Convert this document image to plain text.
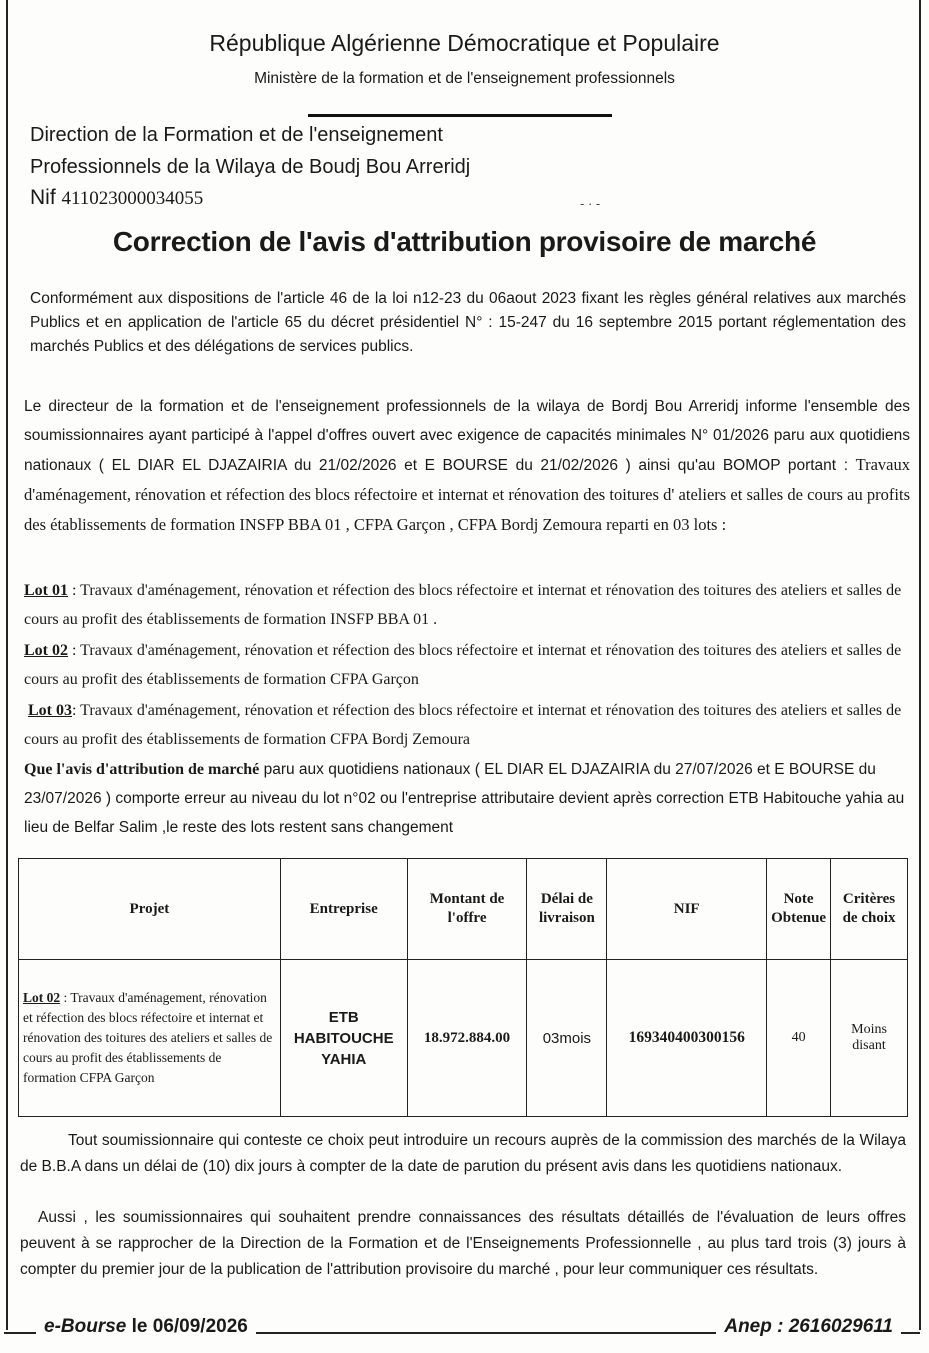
République Algérienne Démocratique et Populaire
Ministère de la formation et de l'enseignement professionnels
Direction de la Formation et de l'enseignement
Professionnels de la Wilaya de Boudj Bou Arreridj
Nif 411023000034055	- · -
Correction de l'avis d'attribution provisoire de marché
Conformément aux dispositions de l'article 46 de la loi n12-23 du 06aout 2023 fixant les règles général relatives aux marchés Publics et en application de l'article 65 du décret présidentiel N° : 15-247 du 16 septembre 2015 portant réglementation des marchés Publics et des délégations de services publics.
Le directeur de la formation et de l'enseignement professionnels de la wilaya de Bordj Bou Arreridj informe l'ensemble des soumissionnaires ayant participé à l'appel d'offres ouvert avec exigence de capacités minimales N° 01/2026 paru aux quotidiens nationaux ( EL DIAR EL DJAZAIRIA du 21/02/2026 et E BOURSE du 21/02/2026 ) ainsi qu'au BOMOP portant : Travaux d'aménagement, rénovation et réfection des blocs réfectoire et internat et rénovation des toitures d' ateliers et salles de cours au profits des établissements de formation INSFP BBA 01 , CFPA Garçon , CFPA Bordj Zemoura reparti en 03 lots :
Lot 01 : Travaux d'aménagement, rénovation et réfection des blocs réfectoire et internat et rénovation des toitures des ateliers et salles de cours au profit des établissements de formation INSFP BBA 01 .
Lot 02 : Travaux d'aménagement, rénovation et réfection des blocs réfectoire et internat et rénovation des toitures des ateliers et salles de cours au profit des établissements de formation CFPA Garçon
Lot 03: Travaux d'aménagement, rénovation et réfection des blocs réfectoire et internat et rénovation des toitures des ateliers et salles de cours au profit des établissements de formation CFPA Bordj Zemoura
Que l'avis d'attribution de marché paru aux quotidiens nationaux ( EL DIAR EL DJAZAIRIA du 27/07/2026 et E BOURSE du 23/07/2026 ) comporte erreur au niveau du lot n°02 ou l'entreprise attributaire devient après correction ETB Habitouche yahia au lieu de Belfar Salim ,le reste des lots restent sans changement
Projet	Entreprise	Montant de l'offre	Délai de livraison	NIF	Note Obtenue	Critères de choix
Lot 02 : Travaux d'aménagement, rénovation et réfection des blocs réfectoire et internat et rénovation des toitures des ateliers et salles de cours au profit des établissements de formation CFPA Garçon	ETB HABITOUCHE YAHIA	18.972.884.00	03mois	169340400300156	40	Moins disant
Tout soumissionnaire qui conteste ce choix peut introduire un recours auprès de la commission des marchés de la Wilaya de B.B.A dans un délai de (10) dix jours à compter de la date de parution du présent avis dans les quotidiens nationaux.
Aussi , les soumissionnaires qui souhaitent prendre connaissances des résultats détaillés de l'évaluation de leurs offres peuvent à se rapprocher de la Direction de la Formation et de l'Enseignements Professionnelle , au plus tard trois (3) jours à compter du premier jour de la publication de l'attribution provisoire du marché , pour leur communiquer ces résultats.
e-Bourse le 06/09/2026	Anep : 2616029611
